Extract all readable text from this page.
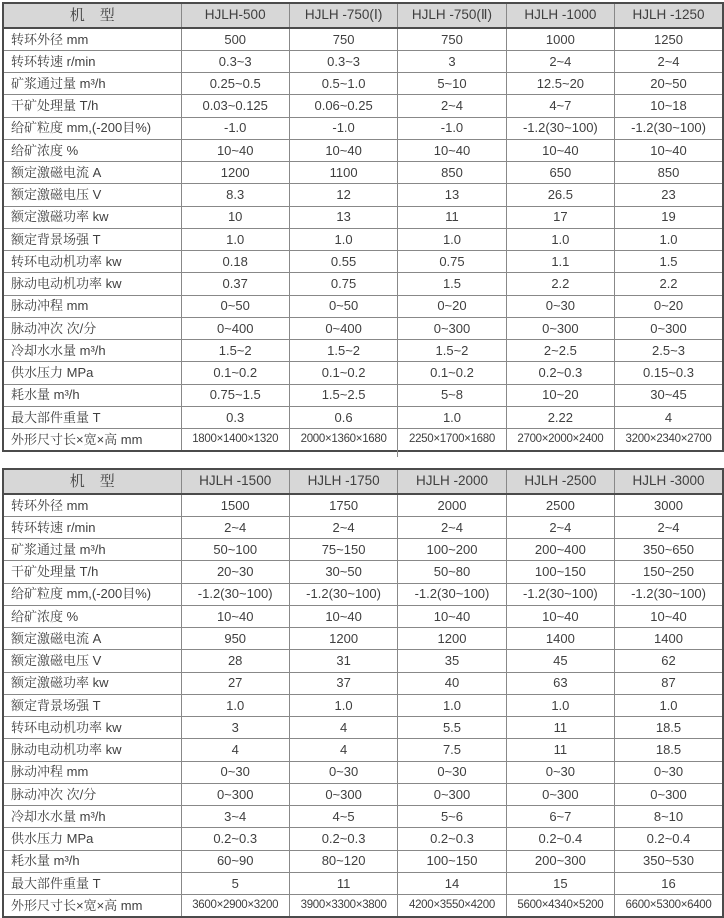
机　型	HJLH-500	HJLH -750(Ⅰ)	HJLH -750(Ⅱ)	HJLH -1000	HJLH -1250
转环外径 mm	500	750	750	1000	1250
转环转速 r/min	0.3~3	0.3~3	3	2~4	2~4
矿浆通过量 m³/h	0.25~0.5	0.5~1.0	5~10	12.5~20	20~50
干矿处理量 T/h	0.03~0.125	0.06~0.25	2~4	4~7	10~18
给矿粒度 mm,(-200目%)	-1.0	-1.0	-1.0	-1.2(30~100)	-1.2(30~100)
给矿浓度 %	10~40	10~40	10~40	10~40	10~40
额定激磁电流 A	1200	1100	850	650	850
额定激磁电压 V	8.3	12	13	26.5	23
额定激磁功率 kw	10	13	11	17	19
额定背景场强 T	1.0	1.0	1.0	1.0	1.0
转环电动机功率 kw	0.18	0.55	0.75	1.1	1.5
脉动电动机功率 kw	0.37	0.75	1.5	2.2	2.2
脉动冲程 mm	0~50	0~50	0~20	0~30	0~20
脉动冲次 次/分	0~400	0~400	0~300	0~300	0~300
冷却水水量 m³/h	1.5~2	1.5~2	1.5~2	2~2.5	2.5~3
供水压力 MPa	0.1~0.2	0.1~0.2	0.1~0.2	0.2~0.3	0.15~0.3
耗水量 m³/h	0.75~1.5	1.5~2.5	5~8	10~20	30~45
最大部件重量 T	0.3	0.6	1.0	2.22	4
外形尺寸长×宽×高 mm	1800×1400×1320	2000×1360×1680	2250×1700×1680	2700×2000×2400	3200×2340×2700
机　型	HJLH -1500	HJLH -1750	HJLH -2000	HJLH -2500	HJLH -3000
转环外径 mm	1500	1750	2000	2500	3000
转环转速 r/min	2~4	2~4	2~4	2~4	2~4
矿浆通过量 m³/h	50~100	75~150	100~200	200~400	350~650
干矿处理量 T/h	20~30	30~50	50~80	100~150	150~250
给矿粒度 mm,(-200目%)	-1.2(30~100)	-1.2(30~100)	-1.2(30~100)	-1.2(30~100)	-1.2(30~100)
给矿浓度 %	10~40	10~40	10~40	10~40	10~40
额定激磁电流 A	950	1200	1200	1400	1400
额定激磁电压 V	28	31	35	45	62
额定激磁功率 kw	27	37	40	63	87
额定背景场强 T	1.0	1.0	1.0	1.0	1.0
转环电动机功率 kw	3	4	5.5	11	18.5
脉动电动机功率 kw	4	4	7.5	11	18.5
脉动冲程 mm	0~30	0~30	0~30	0~30	0~30
脉动冲次 次/分	0~300	0~300	0~300	0~300	0~300
冷却水水量 m³/h	3~4	4~5	5~6	6~7	8~10
供水压力 MPa	0.2~0.3	0.2~0.3	0.2~0.3	0.2~0.4	0.2~0.4
耗水量 m³/h	60~90	80~120	100~150	200~300	350~530
最大部件重量 T	5	11	14	15	16
外形尺寸长×宽×高 mm	3600×2900×3200	3900×3300×3800	4200×3550×4200	5600×4340×5200	6600×5300×6400
